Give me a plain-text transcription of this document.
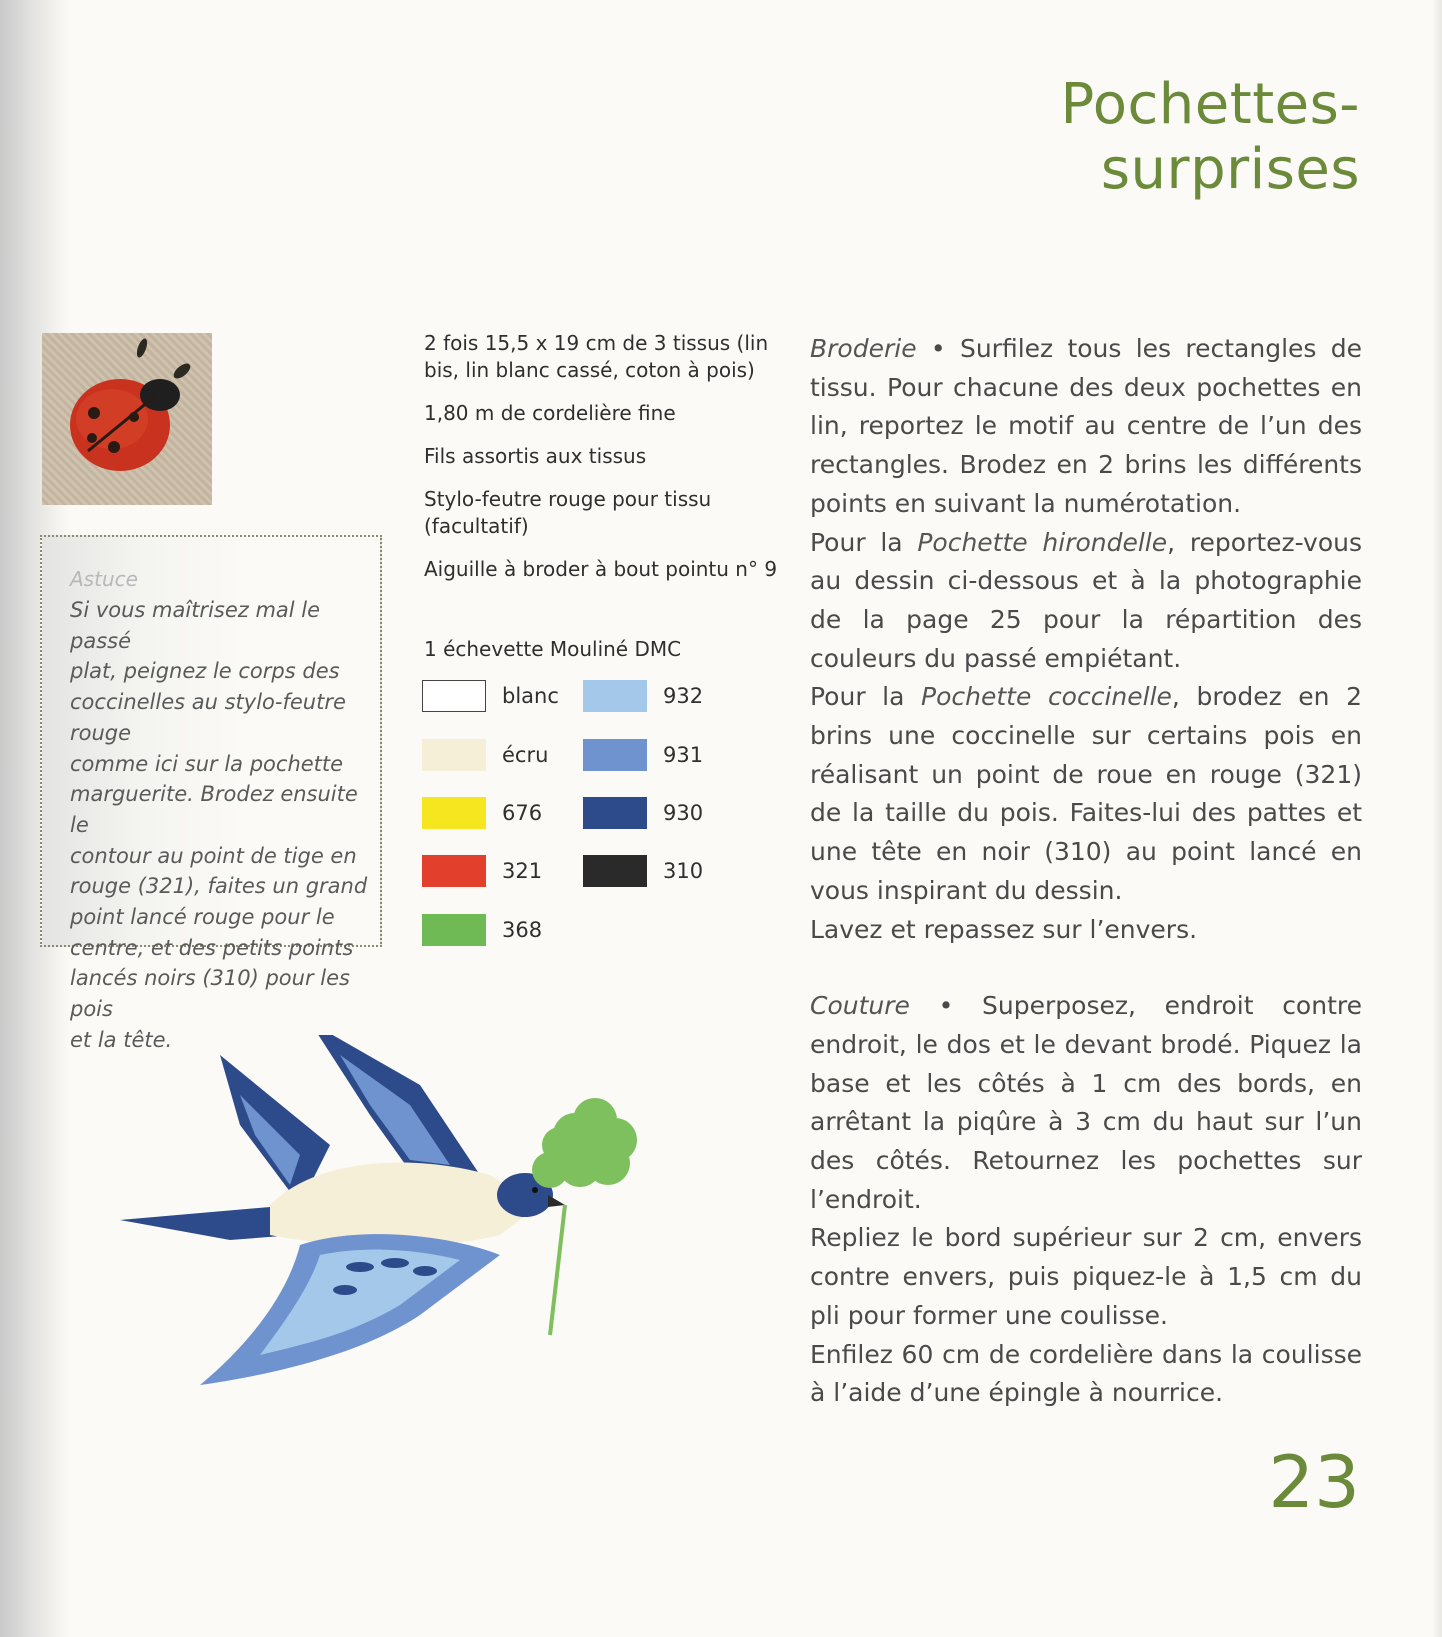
Pochettes-surprises
Astuce
Si vous maîtrisez mal le passé
plat, peignez le corps des
coccinelles au stylo-feutre rouge
comme ici sur la pochette
marguerite. Brodez ensuite le
contour au point de tige en
rouge (321), faites un grand
point lancé rouge pour le
centre, et des petits points
lancés noirs (310) pour les pois
et la tête.

2 fois 15,5 x 19 cm de 3 tissus (lin bis, lin blanc cassé, coton à pois)

1,80 m de cordelière fine

Fils assortis aux tissus

Stylo-feutre rouge pour tissu (facultatif)

Aiguille à broder à bout pointu n° 9

1 échevette Mouliné DMC
blanc
écru
676
321
368
932
931
930
310

Broderie • Surfilez tous les rectangles de tissu. Pour chacune des deux pochettes en lin, reportez le motif au centre de l’un des rectangles. Brodez en 2 brins les différents points en suivant la numérotation.

Pour la Pochette hirondelle, reportez-vous au dessin ci-dessous et à la photographie de la page 25 pour la répartition des couleurs du passé empiétant.

Pour la Pochette coccinelle, brodez en 2 brins une coccinelle sur certains pois en réalisant un point de roue en rouge (321) de la taille du pois. Faites-lui des pattes et une tête en noir (310) au point lancé en vous inspirant du dessin.

Lavez et repassez sur l’envers.

Couture • Superposez, endroit contre endroit, le dos et le devant brodé. Piquez la base et les côtés à 1 cm des bords, en arrêtant la piqûre à 3 cm du haut sur l’un des côtés. Retournez les pochettes sur l’endroit.

Repliez le bord supérieur sur 2 cm, envers contre envers, puis piquez-le à 1,5 cm du pli pour former une coulisse.

Enfilez 60 cm de cordelière dans la coulisse à l’aide d’une épingle à nourrice.

23
